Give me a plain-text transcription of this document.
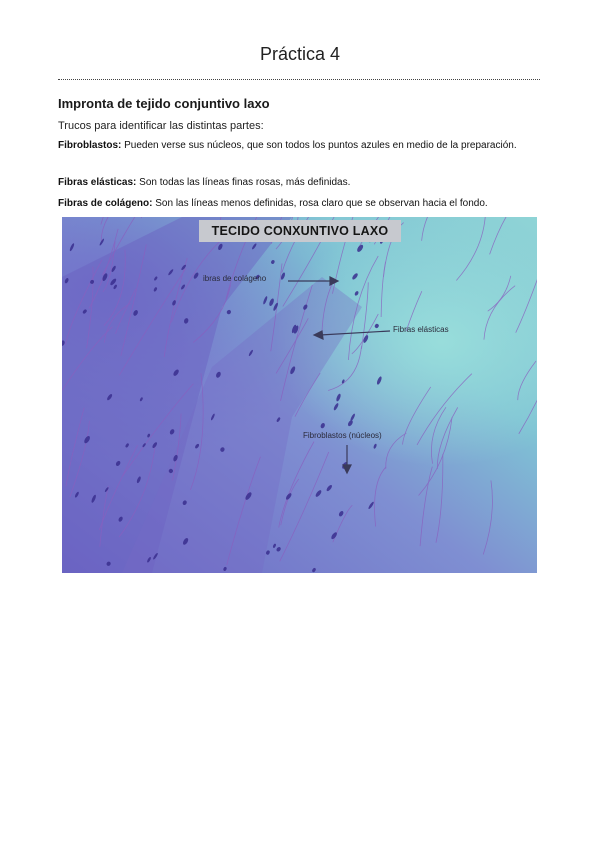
Práctica 4
Impronta de tejido conjuntivo laxo
Trucos para identificar las distintas partes:
Fibroblastos: Pueden verse sus núcleos, que son todos los puntos azules en medio de la preparación.
Fibras elásticas: Son todas las líneas finas rosas, más definidas.
Fibras de colágeno: Son las líneas menos definidas, rosa claro que se observan hacia el fondo.
TECIDO CONXUNTIVO LAXO
ibras de colágeno
Fibras elásticas
Fibroblastos (núcleos)
